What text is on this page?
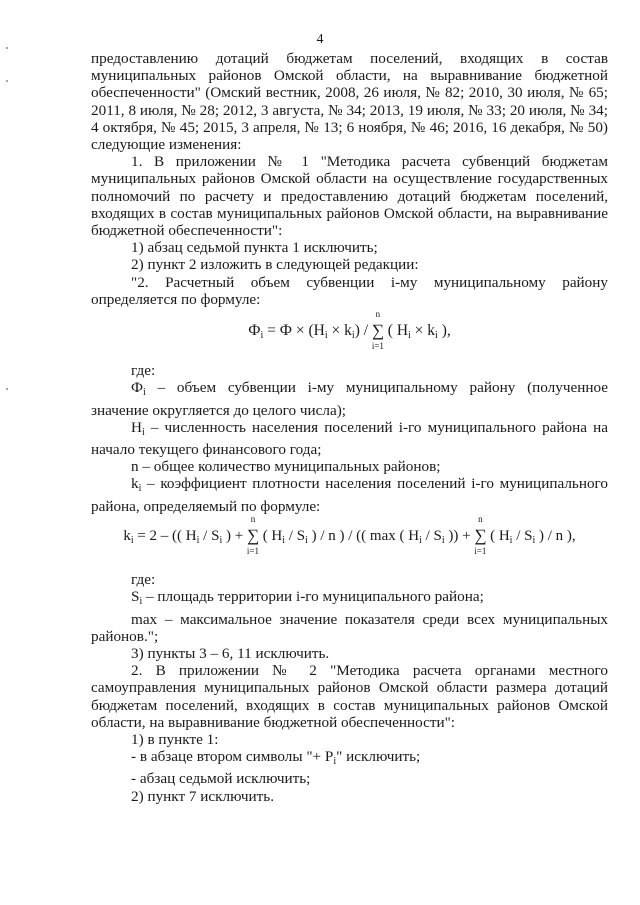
4

предоставлению дотаций бюджетам поселений, входящих в состав муниципальных районов Омской области, на выравнивание бюджетной обеспеченности" (Омский вестник, 2008, 26 июля, № 82; 2010, 30 июля, № 65; 2011, 8 июля, № 28; 2012, 3 августа, № 34; 2013, 19 июля, № 33; 20 июля, № 34; 4 октября, № 45; 2015, 3 апреля, № 13; 6 ноября, № 46; 2016, 16 декабря, № 50) следующие изменения:

1. В приложении № 1 "Методика расчета субвенций бюджетам муниципальных районов Омской области на осуществление государственных полномочий по расчету и предоставлению дотаций бюджетам поселений, входящих в состав муниципальных районов Омской области, на выравнивание бюджетной обеспеченности":

1) абзац седьмой пункта 1 исключить;

2) пункт 2 изложить в следующей редакции:

"2. Расчетный объем субвенции i-му муниципальному району определяется по формуле:

$Ф_i = Ф \times (Н_i \times k_i)$ /
n
∑
i=1
( $Н_i \times k_i$ ),

где:

$Ф_i$ – объем субвенции i-му муниципальному району (полученное значение округляется до целого числа);

$Н_i$ – численность населения поселений i-го муниципального района на начало текущего финансового года;

n – общее количество муниципальных районов;

$k_i$ – коэффициент плотности населения поселений i-го муниципального района, определяемый по формуле:

$k_i = 2$ – (( $Н_i / S_i$ ) +
n
∑
i=1
( $Н_i / S_i$ ) / n ) / (( max ( $Н_i / S_i$ )) +
n
∑
i=1
( $Н_i / S_i$ ) / n ),

где:

$S_i$ – площадь территории i-го муниципального района;

max – максимальное значение показателя среди всех муниципальных районов.";

3) пункты 3 – 6, 11 исключить.

2. В приложении № 2 "Методика расчета органами местного самоуправления муниципальных районов Омской области размера дотаций бюджетам поселений, входящих в состав муниципальных районов Омской области, на выравнивание бюджетной обеспеченности":

1) в пункте 1:

- в абзаце втором символы "+ $Р_i$" исключить;

- абзац седьмой исключить;

2) пункт 7 исключить.
